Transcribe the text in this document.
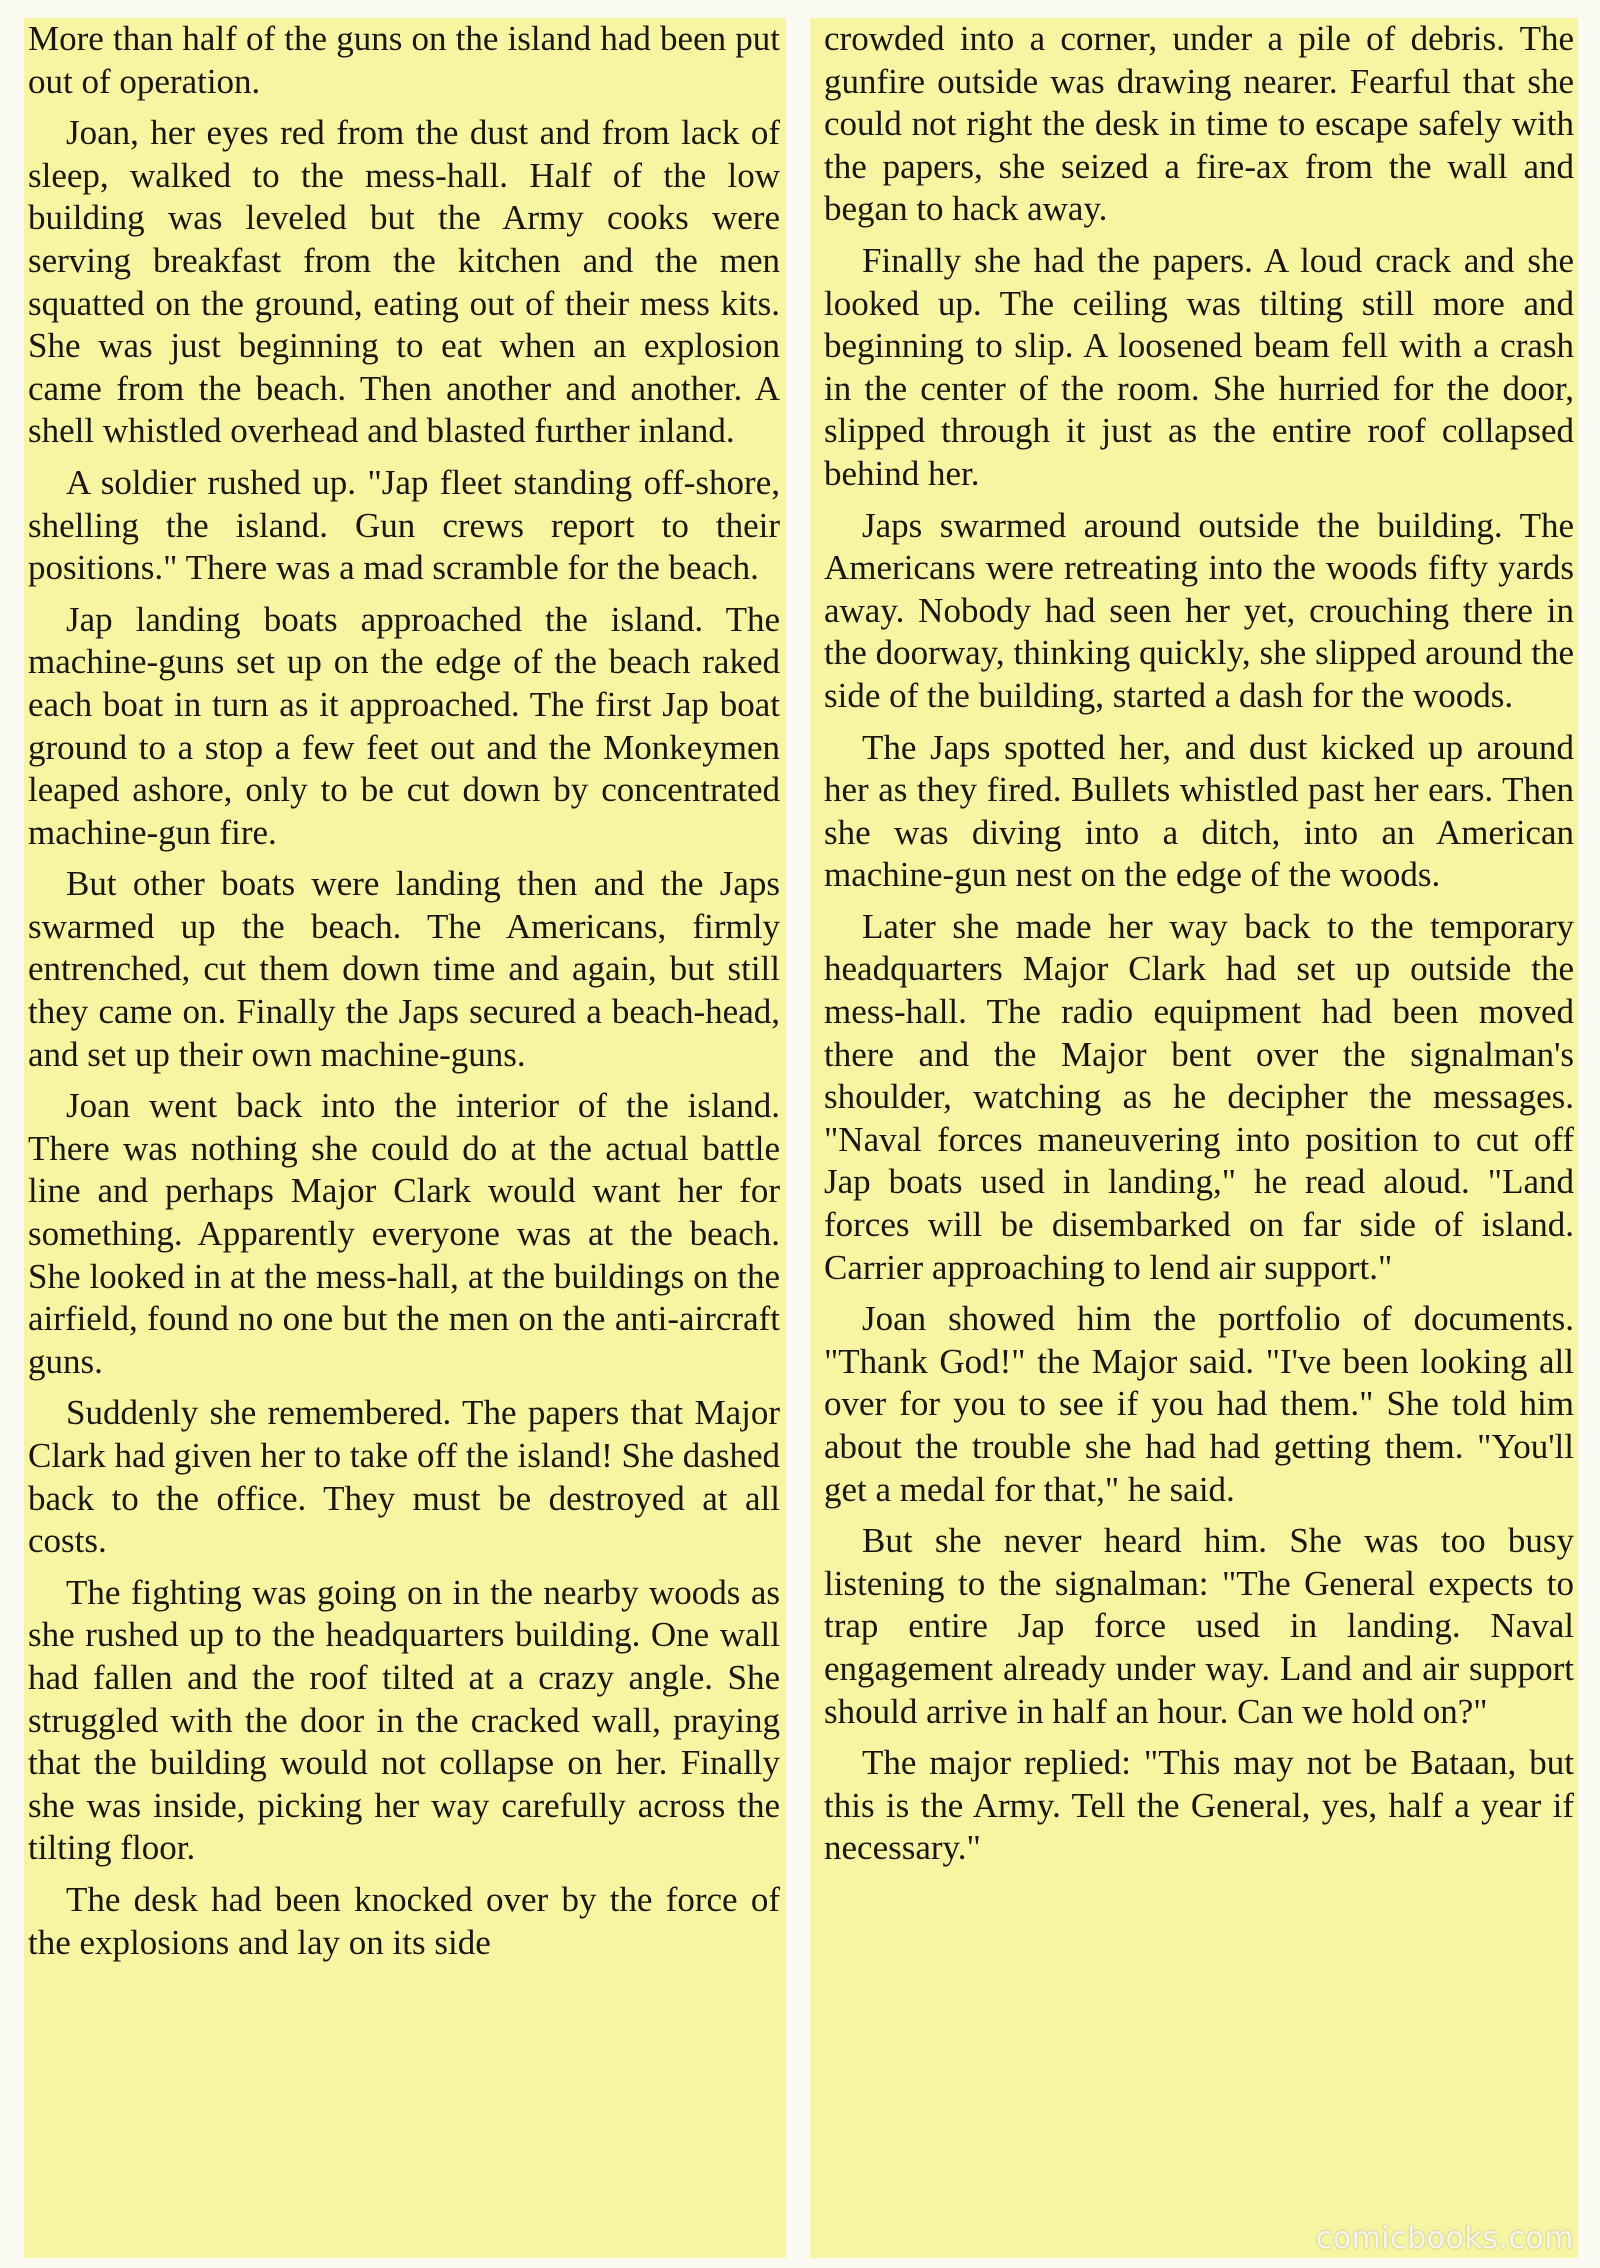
More than half of the guns on the island had been put out of operation.

Joan, her eyes red from the dust and from lack of sleep, walked to the mess-hall. Half of the low building was leveled but the Army cooks were serving breakfast from the kitchen and the men squatted on the ground, eating out of their mess kits. She was just beginning to eat when an explosion came from the beach. Then another and another. A shell whistled overhead and blasted further inland.

A soldier rushed up. "Jap fleet standing off-shore, shelling the island. Gun crews report to their positions." There was a mad scramble for the beach.

Jap landing boats approached the island. The machine-guns set up on the edge of the beach raked each boat in turn as it approached. The first Jap boat ground to a stop a few feet out and the Monkeymen leaped ashore, only to be cut down by concentrated machine-gun fire.

But other boats were landing then and the Japs swarmed up the beach. The Americans, firmly entrenched, cut them down time and again, but still they came on. Finally the Japs secured a beach-head, and set up their own machine-guns.

Joan went back into the interior of the island. There was nothing she could do at the actual battle line and perhaps Major Clark would want her for something. Apparently everyone was at the beach. She looked in at the mess-hall, at the buildings on the airfield, found no one but the men on the anti-aircraft guns.

Suddenly she remembered. The papers that Major Clark had given her to take off the island! She dashed back to the office. They must be destroyed at all costs.

The fighting was going on in the nearby woods as she rushed up to the headquarters building. One wall had fallen and the roof tilted at a crazy angle. She struggled with the door in the cracked wall, praying that the building would not collapse on her. Finally she was inside, picking her way carefully across the tilting floor.

The desk had been knocked over by the force of the explosions and lay on its side

crowded into a corner, under a pile of debris. The gunfire outside was drawing nearer. Fearful that she could not right the desk in time to escape safely with the papers, she seized a fire-ax from the wall and began to hack away.

Finally she had the papers. A loud crack and she looked up. The ceiling was tilting still more and beginning to slip. A loosened beam fell with a crash in the center of the room. She hurried for the door, slipped through it just as the entire roof collapsed behind her.

Japs swarmed around outside the building. The Americans were retreating into the woods fifty yards away. Nobody had seen her yet, crouching there in the doorway, thinking quickly, she slipped around the side of the building, started a dash for the woods.

The Japs spotted her, and dust kicked up around her as they fired. Bullets whistled past her ears. Then she was diving into a ditch, into an American machine-gun nest on the edge of the woods.

Later she made her way back to the temporary headquarters Major Clark had set up outside the mess-hall. The radio equipment had been moved there and the Major bent over the signalman's shoulder, watching as he decipher the messages. "Naval forces maneuvering into position to cut off Jap boats used in landing," he read aloud. "Land forces will be disembarked on far side of island. Carrier approaching to lend air support."

Joan showed him the portfolio of documents. "Thank God!" the Major said. "I've been looking all over for you to see if you had them." She told him about the trouble she had had getting them. "You'll get a medal for that," he said.

But she never heard him. She was too busy listening to the signalman: "The General expects to trap entire Jap force used in landing. Naval engagement already under way. Land and air support should arrive in half an hour. Can we hold on?"

The major replied: "This may not be Bataan, but this is the Army. Tell the General, yes, half a year if necessary."

comicbooks.com
